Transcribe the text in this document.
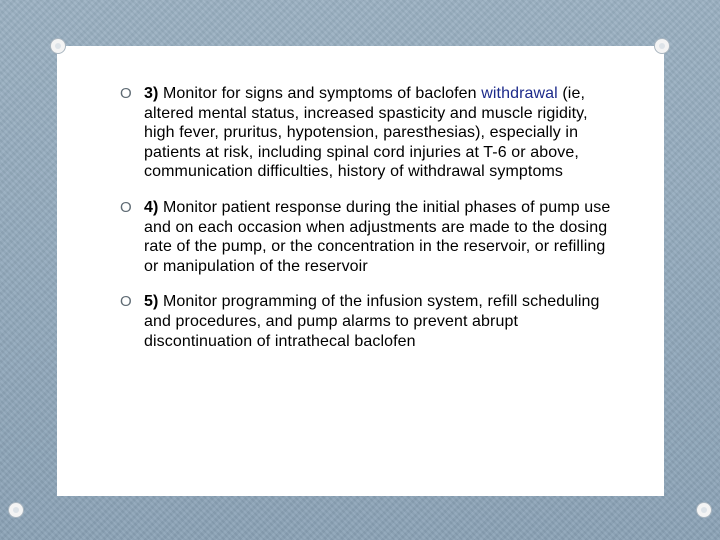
O 3) Monitor for signs and symptoms of baclofen withdrawal (ie, altered mental status, increased spasticity and muscle rigidity, high fever, pruritus, hypotension, paresthesias), especially in patients at risk, including spinal cord injuries at T-6 or above, communication difficulties, history of withdrawal symptoms
O 4) Monitor patient response during the initial phases of pump use and on each occasion when adjustments are made to the dosing rate of the pump, or the concentration in the reservoir, or refilling or manipulation of the reservoir
O 5) Monitor programming of the infusion system, refill scheduling and procedures, and pump alarms to prevent abrupt discontinuation of intrathecal baclofen
